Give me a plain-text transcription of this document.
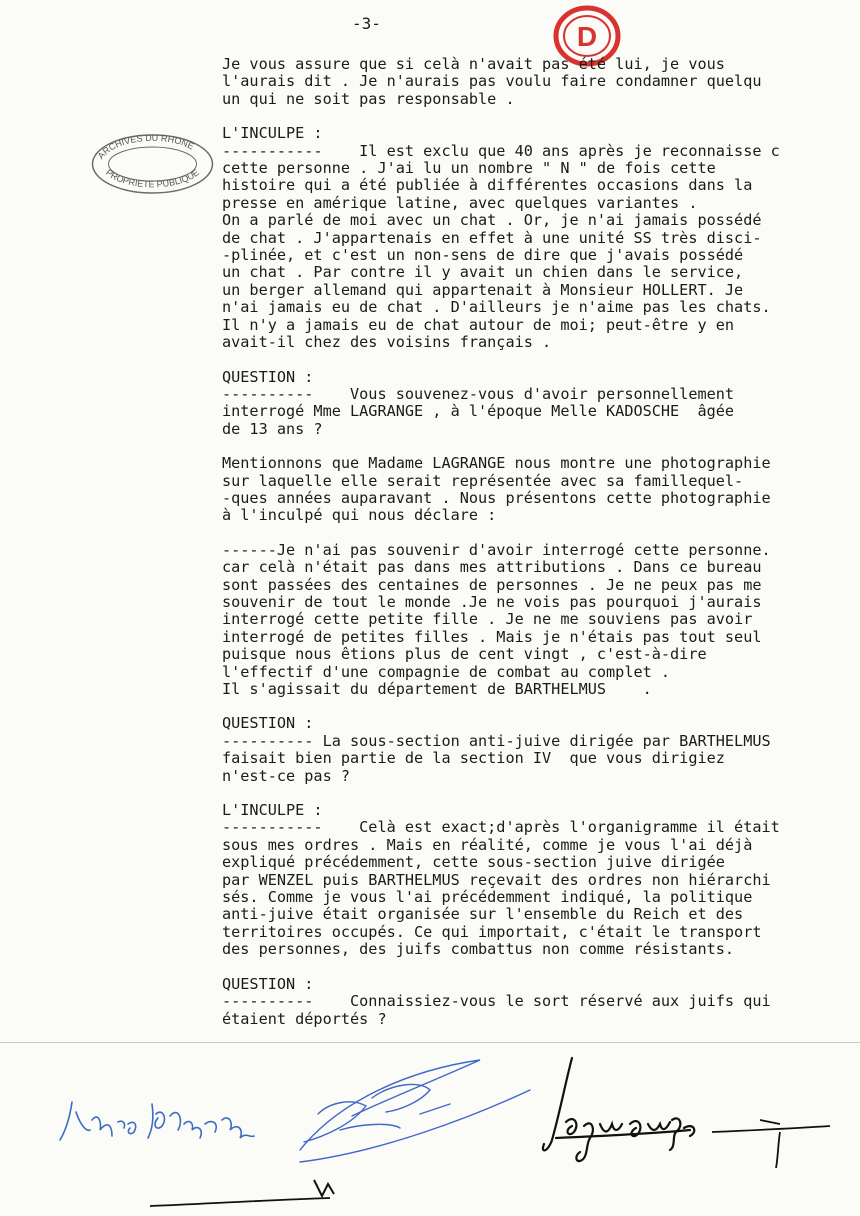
-3-	D
ARCHIVES DU RHONE
PROPRIETE PUBLIQUE
Je vous assure que si celà n'avait pas été lui, je vous
l'aurais dit . Je n'aurais pas voulu faire condamner quelqu
un qui ne soit pas responsable .
L'INCULPE :
-----------    Il est exclu que 40 ans après je reconnaisse c
cette personne . J'ai lu un nombre " N " de fois cette
histoire qui a été publiée à différentes occasions dans la
presse en amérique latine, avec quelques variantes .
On a parlé de moi avec un chat . Or, je n'ai jamais possédé
de chat . J'appartenais en effet à une unité SS très disci-
-plinée, et c'est un non-sens de dire que j'avais possédé
un chat . Par contre il y avait un chien dans le service,
un berger allemand qui appartenait à Monsieur HOLLERT. Je
n'ai jamais eu de chat . D'ailleurs je n'aime pas les chats.
Il n'y a jamais eu de chat autour de moi; peut-être y en
avait-il chez des voisins français .
QUESTION :
----------    Vous souvenez-vous d'avoir personnellement
interrogé Mme LAGRANGE , à l'époque Melle KADOSCHE  âgée
de 13 ans ?
Mentionnons que Madame LAGRANGE nous montre une photographie
sur laquelle elle serait représentée avec sa famillequel-
-ques années auparavant . Nous présentons cette photographie
à l'inculpé qui nous déclare :
------Je n'ai pas souvenir d'avoir interrogé cette personne.
car celà n'était pas dans mes attributions . Dans ce bureau
sont passées des centaines de personnes . Je ne peux pas me
souvenir de tout le monde .Je ne vois pas pourquoi j'aurais
interrogé cette petite fille . Je ne me souviens pas avoir
interrogé de petites filles . Mais je n'étais pas tout seul
puisque nous êtions plus de cent vingt , c'est-à-dire
l'effectif d'une compagnie de combat au complet .
Il s'agissait du département de BARTHELMUS    .
QUESTION :
---------- La sous-section anti-juive dirigée par BARTHELMUS
faisait bien partie de la section IV  que vous dirigiez
n'est-ce pas ?
L'INCULPE :
-----------    Celà est exact;d'après l'organigramme il était
sous mes ordres . Mais en réalité, comme je vous l'ai déjà
expliqué précédemment, cette sous-section juive dirigée
par WENZEL puis BARTHELMUS reçevait des ordres non hiérarchi
sés. Comme je vous l'ai précédemment indiqué, la politique
anti-juive était organisée sur l'ensemble du Reich et des
territoires occupés. Ce qui importait, c'était le transport
des personnes, des juifs combattus non comme résistants.
QUESTION :
----------    Connaissiez-vous le sort réservé aux juifs qui
étaient déportés ?
